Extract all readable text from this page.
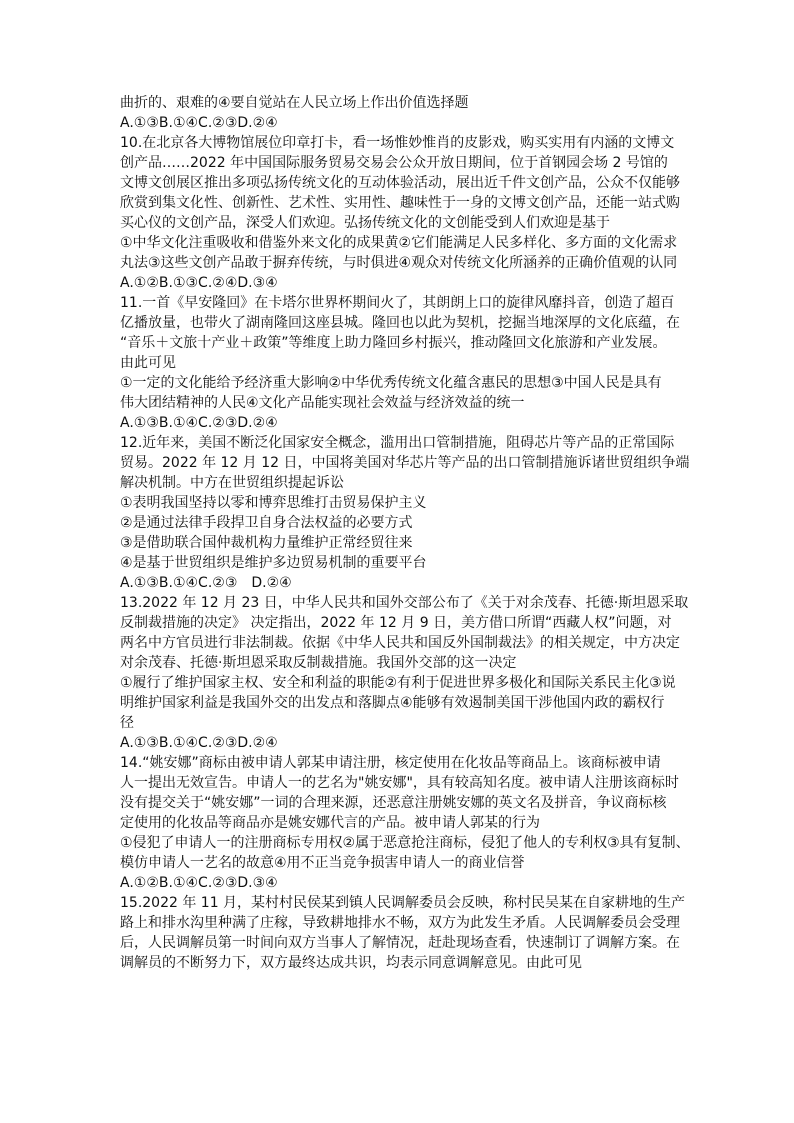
曲折的、艰难的④要自觉站在人民立场上作出价值选择题
A.①③B.①④C.②③D.②④
10.在北京各大博物馆展位印章打卡，看一场惟妙惟肖的皮影戏，购买实用有内涵的文博文
创产品……2022 年中国国际服务贸易交易会公众开放日期间，位于首钢园会场 2 号馆的
文博文创展区推出多项弘扬传统文化的互动体验活动，展出近千件文创产品，公众不仅能够
欣赏到集文化性、创新性、艺术性、实用性、趣味性于一身的文博文创产品，还能一站式购
买心仪的文创产品，深受人们欢迎。弘扬传统文化的文创能受到人们欢迎是基于
①中华文化注重吸收和借鉴外来文化的成果黄②它们能满足人民多样化、多方面的文化需求
丸法③这些文创产品敢于摒弃传统，与时俱进④观众对传统文化所涵养的正确价值观的认同
A.①②B.①③C.②④D.③④
11.一首《早安隆回》在卡塔尔世界杯期间火了，其朗朗上口的旋律风靡抖音，创造了超百
亿播放量，也带火了湖南隆回这座县城。隆回也以此为契机，挖掘当地深厚的文化底蕴，在
“音乐＋文旅十产业＋政策”等维度上助力隆回乡村振兴，推动隆回文化旅游和产业发展。
由此可见
①一定的文化能给予经济重大影响②中华优秀传统文化蕴含惠民的思想③中国人民是具有
伟大团结精神的人民④文化产品能实现社会效益与经济效益的统一
A.①③B.①④C.②③D.②④
12.近年来，美国不断泛化国家安全概念，滥用出口管制措施，阻碍芯片等产品的正常国际
贸易。2022 年 12 月 12 日，中国将美国对华芯片等产品的出口管制措施诉诸世贸组织争端
解决机制。中方在世贸组织提起诉讼
①表明我国坚持以零和博弈思维打击贸易保护主义
②是通过法律手段捍卫自身合法权益的必要方式
③是借助联合国仲裁机构力量维护正常经贸往来
④是基于世贸组织是维护多边贸易机制的重要平台
A.①③B.①④C.②③　D.②④
13.2022 年 12 月 23 日，中华人民共和国外交部公布了《关于对余茂春、托德·斯坦恩采取
反制裁措施的决定》 决定指出，2022 年 12 月 9 日，美方借口所谓“西藏人权”问题，对
两名中方官员进行非法制裁。依据《中华人民共和国反外国制裁法》的相关规定，中方决定
对余茂春、托德·斯坦恩采取反制裁措施。我国外交部的这一决定
①履行了维护国家主权、安全和利益的职能②有利于促进世界多极化和国际关系民主化③说
明维护国家利益是我国外交的出发点和落脚点④能够有效遏制美国干涉他国内政的霸权行
径
A.①③B.①④C.②③D.②④
14.“姚安娜”商标由被申请人郭某申请注册，核定使用在化妆品等商品上。该商标被申请
人一提出无效宣告。申请人一的艺名为"姚安娜"，具有较高知名度。被申请人注册该商标时
没有提交关于“姚安娜”一词的合理来源，还恶意注册姚安娜的英文名及拼音，争议商标核
定使用的化妆品等商品亦是姚安娜代言的产品。被申请人郭某的行为
①侵犯了申请人一的注册商标专用权②属于恶意抢注商标，侵犯了他人的专利权③具有复制、
模仿申请人一艺名的故意④用不正当竞争损害申请人一的商业信誉
A.①②B.①④C.②③D.③④
15.2022 年 11 月，某村村民侯某到镇人民调解委员会反映，称村民吴某在自家耕地的生产
路上和排水沟里种满了庄稼，导致耕地排水不畅，双方为此发生矛盾。人民调解委员会受理
后，人民调解员第一时间向双方当事人了解情况，赶赴现场查看，快速制订了调解方案。在
调解员的不断努力下，双方最终达成共识，均表示同意调解意见。由此可见
